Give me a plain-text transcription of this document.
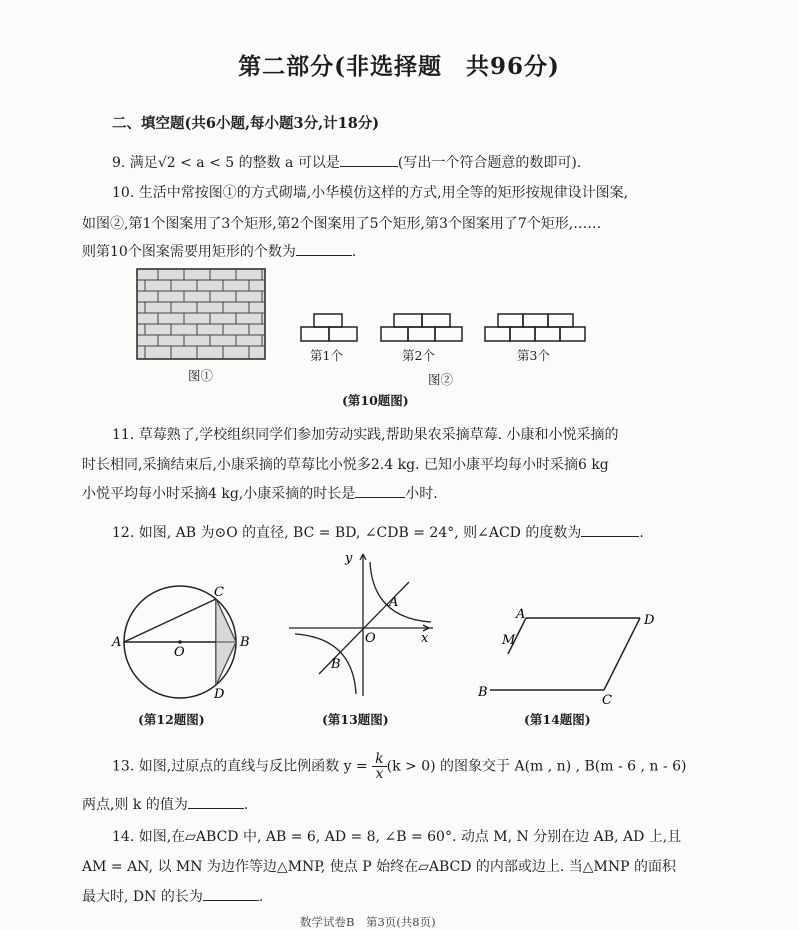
第二部分(非选择题　共96分)
二、填空题(共6小题,每小题3分,计18分)
9. 满足√2 < a < 5 的整数 a 可以是	(写出一个符合题意的数即可).
10. 生活中常按图①的方式砌墙,小华模仿这样的方式,用全等的矩形按规律设计图案,
如图②,第1个图案用了3个矩形,第2个图案用了5个矩形,第3个图案用了7个矩形,……
则第10个图案需要用矩形的个数为	.
图①
第1个	第2个	第3个
图②
(第10题图)
11. 草莓熟了,学校组织同学们参加劳动实践,帮助果农采摘草莓. 小康和小悦采摘的
时长相同,采摘结束后,小康采摘的草莓比小悦多2.4 kg. 已知小康平均每小时采摘6 kg
小悦平均每小时采摘4 kg,小康采摘的时长是	小时.
12. 如图, AB 为⊙O 的直径, BC = BD, ∠CDB = 24°, 则∠ACD 的度数为	.
A	B
C
D
O
(第12题图)
y
x
O
A
B
(第13题图)
A	D
B
C
M
(第14题图)
13. 如图,过原点的直线与反比例函数 $y = \frac{k}{x} (k > 0)$ 的图象交于 A(m , n) , B(m - 6 , n - 6)
两点,则 k 的值为	.
14. 如图,在▱ABCD 中, AB = 6, AD = 8, ∠B = 60°. 动点 M, N 分别在边 AB, AD 上,且
AM = AN, 以 MN 为边作等边△MNP, 使点 P 始终在▱ABCD 的内部或边上. 当△MNP 的面积
最大时, DN 的长为	.
数学试卷B　第3页(共8页)
